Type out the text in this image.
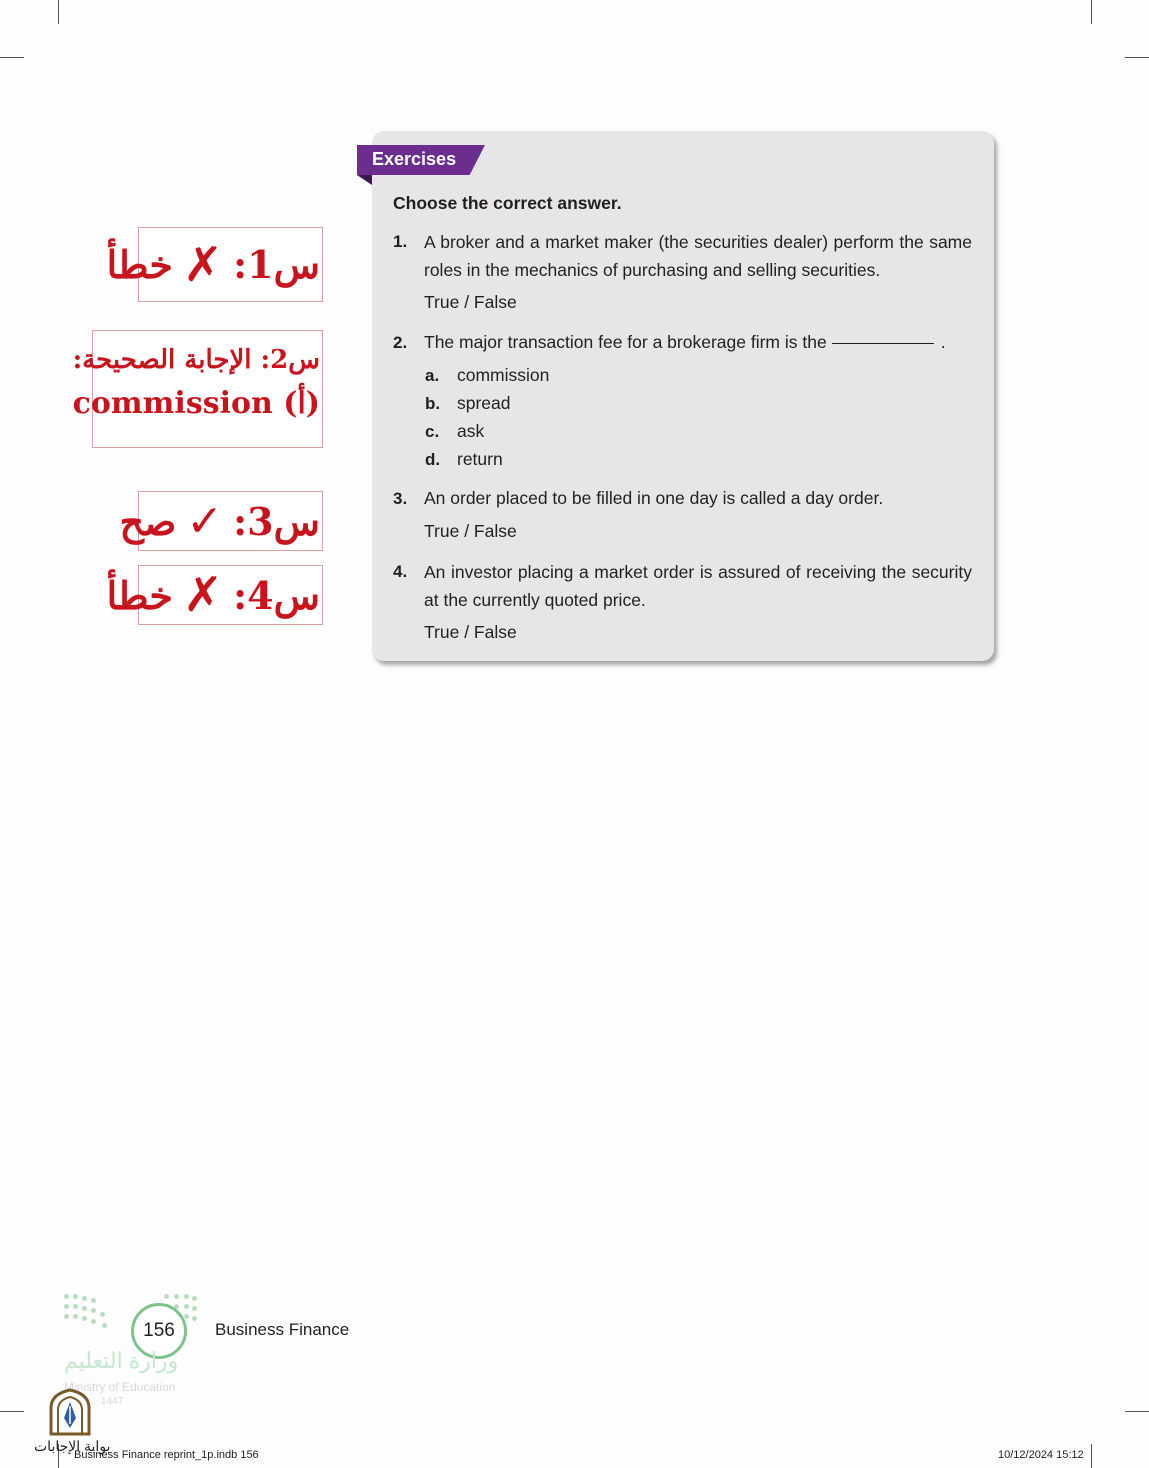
Exercises
Choose the correct answer.
1. A broker and a market maker (the securities dealer) perform the same roles in the mechanics of purchasing and selling securities.
True / False
2. The major transaction fee for a brokerage firm is the	.
a. commission
b. spread
c. ask
d. return
3. An order placed to be filled in one day is called a day order.
True / False
4. An investor placing a market order is assured of receiving the security at the currently quoted price.
True / False
س1:
✗
خطأ
س2: الإجابة الصحيحة:
commission (أ)
س3:
✓
صح
س4:
✗
خطأ
156	Business Finance
وزارة التعليم
Ministry of Education
1447
بوابة الإجابات
Business Finance reprint_1p.indb 156	10/12/2024 15:12
